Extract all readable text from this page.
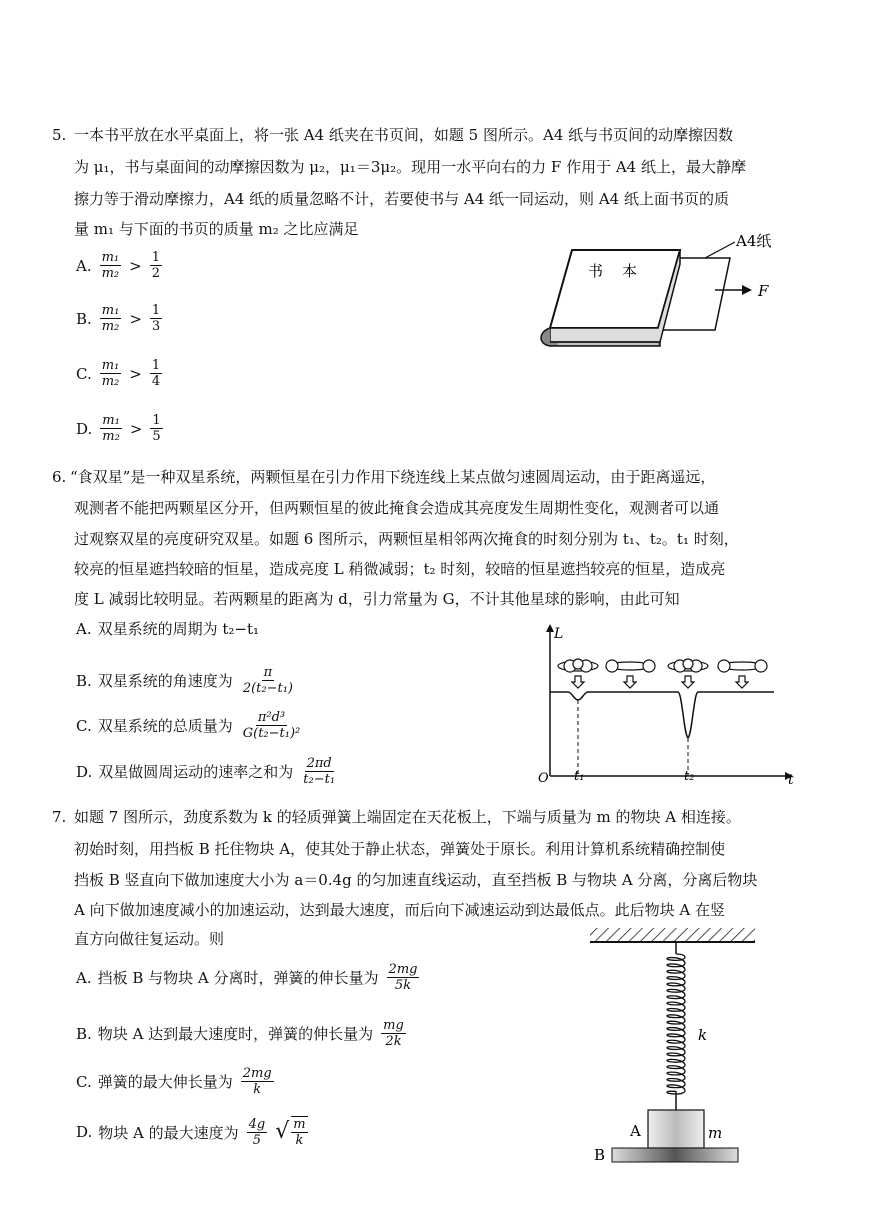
5. 一本书平放在水平桌面上，将一张 A4 纸夹在书页间，如题 5 图所示。A4 纸与书页间的动摩擦因数
为 μ₁，书与桌面间的动摩擦因数为 μ₂，μ₁＝3μ₂。现用一水平向右的力 F 作用于 A4 纸上，最大静摩
擦力等于滑动摩擦力，A4 纸的质量忽略不计，若要使书与 A4 纸一同运动，则 A4 纸上面书页的质
量 m₁ 与下面的书页的质量 m₂ 之比应满足
A. $\frac{\text{m₁}}{\text{m₂}} > \frac{1}{2}$
B. $\frac{\text{m₁}}{\text{m₂}} > \frac{1}{3}$
C. $\frac{\text{m₁}}{\text{m₂}} > \frac{1}{4}$
D. $\frac{\text{m₁}}{\text{m₂}} > \frac{1}{5}$
书 本
A4纸
F
6. “食双星”是一种双星系统，两颗恒星在引力作用下绕连线上某点做匀速圆周运动，由于距离遥远，
观测者不能把两颗星区分开，但两颗恒星的彼此掩食会造成其亮度发生周期性变化，观测者可以通
过观察双星的亮度研究双星。如题 6 图所示，两颗恒星相邻两次掩食的时刻分别为 t₁、t₂。t₁ 时刻，
较亮的恒星遮挡较暗的恒星，造成亮度 L 稍微减弱；t₂ 时刻，较暗的恒星遮挡较亮的恒星，造成亮
度 L 减弱比较明显。若两颗星的距离为 d，引力常量为 G，不计其他星球的影响，由此可知
A. 双星系统的周期为 t₂−t₁
B. 双星系统的角速度为 $\frac{\pi}{\text{2(t₂−t₁)}}$
C. 双星系统的总质量为 $\frac{\text{π²d³}}{\text{G(t₂−t₁)²}}$
D. 双星做圆周运动的速率之和为 $\frac{2\pi d}{\text{t₂−t₁}}$
L
t
O t₁	t₂
7. 如题 7 图所示，劲度系数为 k 的轻质弹簧上端固定在天花板上，下端与质量为 m 的物块 A 相连接。
初始时刻，用挡板 B 托住物块 A，使其处于静止状态，弹簧处于原长。利用计算机系统精确控制使
挡板 B 竖直向下做加速度大小为 a＝0.4g 的匀加速直线运动，直至挡板 B 与物块 A 分离，分离后物块
A 向下做加速度减小的加速运动，达到最大速度，而后向下减速运动到达最低点。此后物块 A 在竖
直方向做往复运动。则
A. 挡板 B 与物块 A 分离时，弹簧的伸长量为 $\frac{2mg}{5k}$
B. 物块 A 达到最大速度时，弹簧的伸长量为 $\frac{mg}{2k}$
C. 弹簧的最大伸长量为 $\frac{2mg}{k}$
D. 物块 A 的最大速度为 $\frac{4g}{5}$ √ $\frac{m}{k}$
k
A	m
B
